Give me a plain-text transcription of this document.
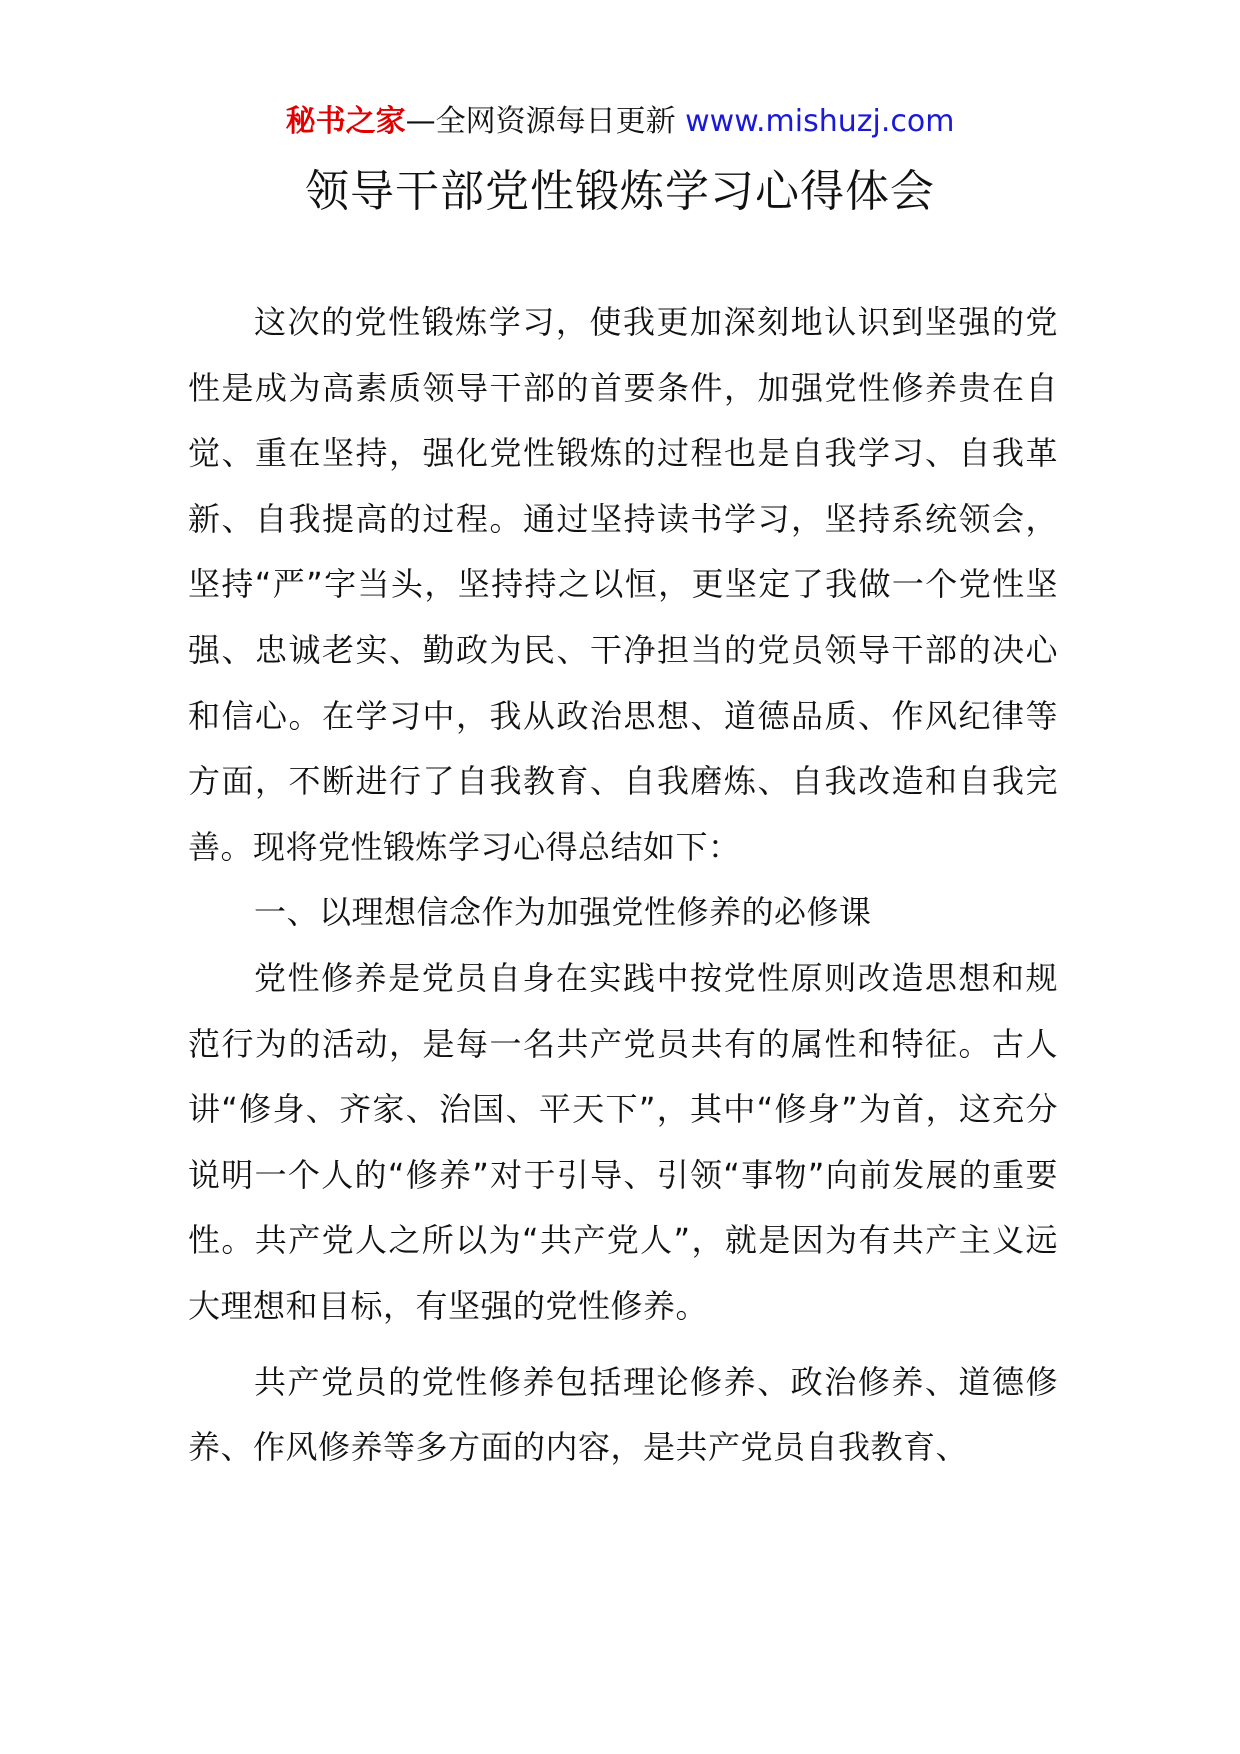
秘书之家—全网资源每日更新 www.mishuzj.com
领导干部党性锻炼学习心得体会

这次的党性锻炼学习，使我更加深刻地认识到坚强的党性是成为高素质领导干部的首要条件，加强党性修养贵在自觉、重在坚持，强化党性锻炼的过程也是自我学习、自我革新、自我提高的过程。通过坚持读书学习，坚持系统领会，坚持“严”字当头，坚持持之以恒，更坚定了我做一个党性坚强、忠诚老实、勤政为民、干净担当的党员领导干部的决心和信心。在学习中，我从政治思想、道德品质、作风纪律等方面，不断进行了自我教育、自我磨炼、自我改造和自我完善。现将党性锻炼学习心得总结如下：

一、以理想信念作为加强党性修养的必修课

党性修养是党员自身在实践中按党性原则改造思想和规范行为的活动，是每一名共产党员共有的属性和特征。古人讲“修身、齐家、治国、平天下”，其中“修身”为首，这充分说明一个人的“修养”对于引导、引领“事物”向前发展的重要性。共产党人之所以为“共产党人”，就是因为有共产主义远大理想和目标，有坚强的党性修养。

共产党员的党性修养包括理论修养、政治修养、道德修养、作风修养等多方面的内容，是共产党员自我教育、
